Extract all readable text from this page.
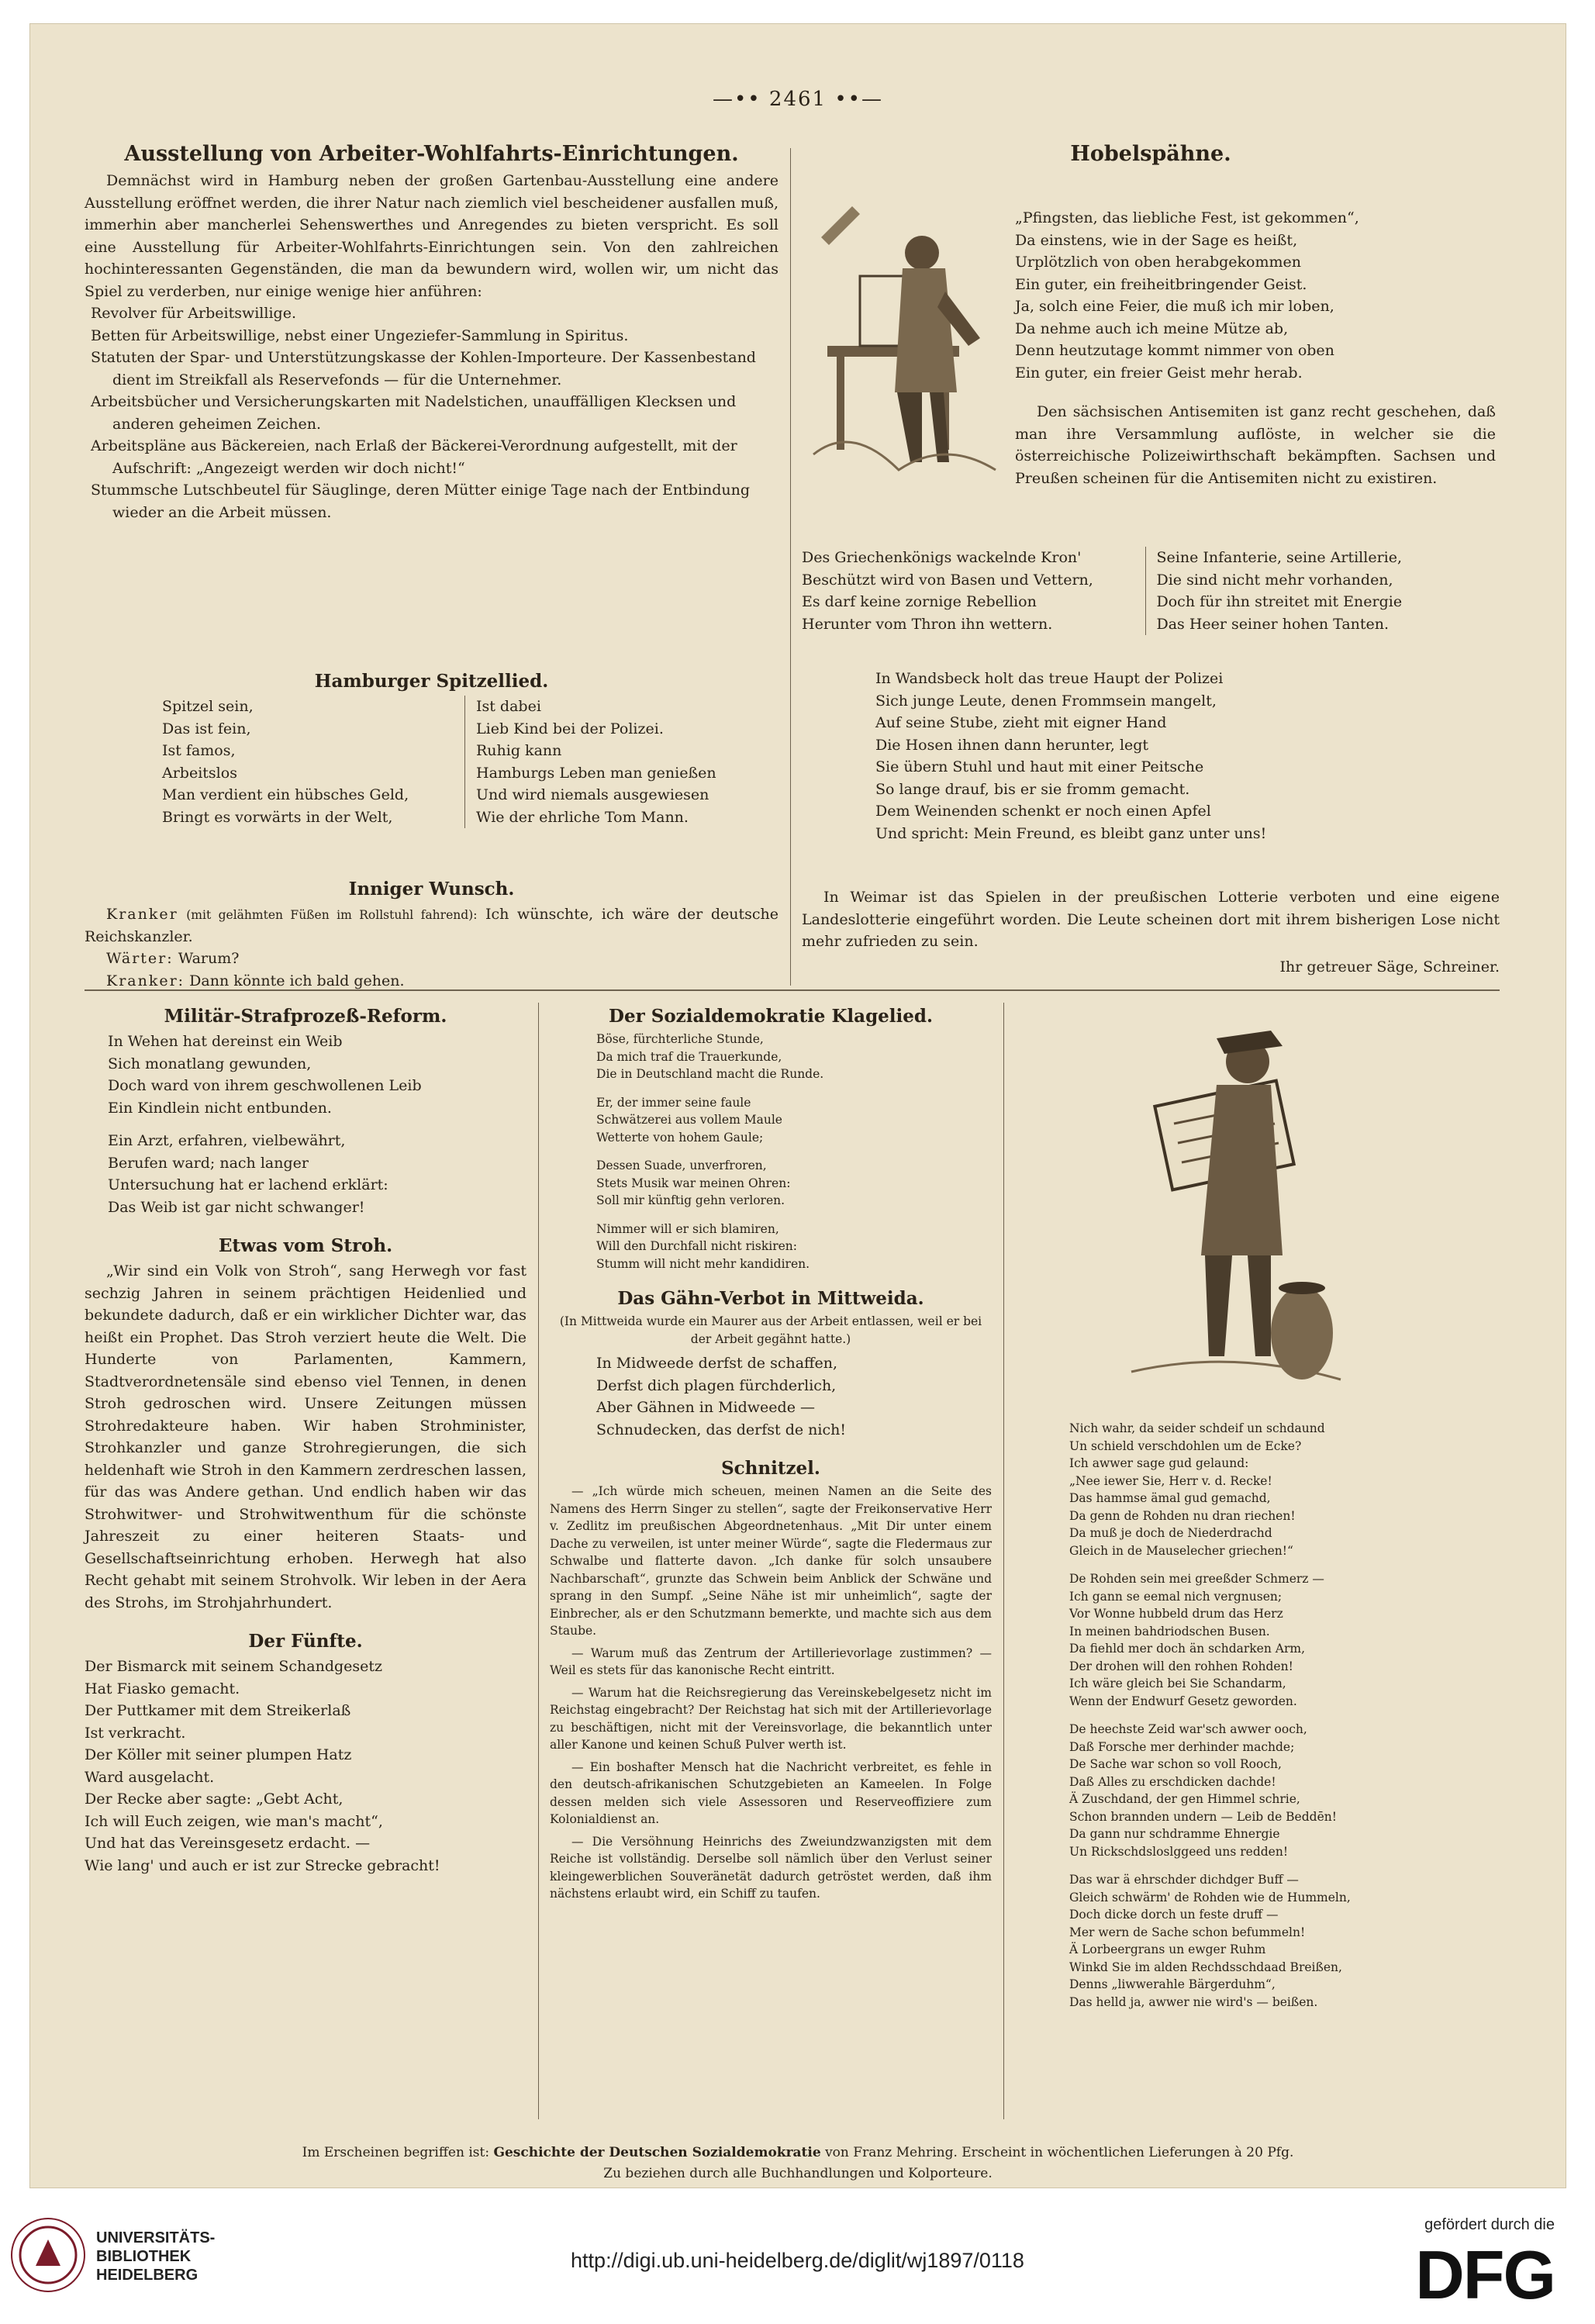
—•• 2461 ••—

Ausstellung von Arbeiter-Wohlfahrts-Einrichtungen.

Demnächst wird in Hamburg neben der großen Gartenbau-Ausstellung eine andere Ausstellung eröffnet werden, die ihrer Natur nach ziemlich viel bescheidener ausfallen muß, immerhin aber mancherlei Sehenswerthes und Anregendes zu bieten verspricht. Es soll eine Ausstellung für Arbeiter-Wohlfahrts-Einrichtungen sein. Von den zahlreichen hochinteressanten Gegenständen, die man da bewundern wird, wollen wir, um nicht das Spiel zu verderben, nur einige wenige hier anführen:

Revolver für Arbeitswillige.

Betten für Arbeitswillige, nebst einer Ungeziefer-Sammlung in Spiritus.

Statuten der Spar- und Unterstützungskasse der Kohlen-Importeure. Der Kassenbestand dient im Streikfall als Reservefonds — für die Unternehmer.

Arbeitsbücher und Versicherungskarten mit Nadelstichen, unauffälligen Klecksen und anderen geheimen Zeichen.

Arbeitspläne aus Bäckereien, nach Erlaß der Bäckerei-Verordnung aufgestellt, mit der Aufschrift: „Angezeigt werden wir doch nicht!“

Stummsche Lutschbeutel für Säuglinge, deren Mütter einige Tage nach der Entbindung wieder an die Arbeit müssen.

Hamburger Spitzellied.

Spitzel sein,

Das ist fein,

Ist famos,

Arbeitslos

Man verdient ein hübsches Geld,

Bringt es vorwärts in der Welt,

Ist dabei

Lieb Kind bei der Polizei.

Ruhig kann

Hamburgs Leben man genießen

Und wird niemals ausgewiesen

Wie der ehrliche Tom Mann.

Inniger Wunsch.

Kranker (mit gelähmten Füßen im Rollstuhl fahrend): Ich wünschte, ich wäre der deutsche Reichskanzler.

Wärter: Warum?

Kranker: Dann könnte ich bald gehen.

Hobelspähne.

„Pfingsten, das liebliche Fest, ist gekommen“,

Da einstens, wie in der Sage es heißt,

Urplötzlich von oben herabgekommen

Ein guter, ein freiheitbringender Geist.

Ja, solch eine Feier, die muß ich mir loben,

Da nehme auch ich meine Mütze ab,

Denn heutzutage kommt nimmer von oben

Ein guter, ein freier Geist mehr herab.

Den sächsischen Antisemiten ist ganz recht geschehen, daß man ihre Versammlung auflöste, in welcher sie die österreichische Polizeiwirthschaft bekämpften. Sachsen und Preußen scheinen für die Antisemiten nicht zu existiren.

Des Griechenkönigs wackelnde Kron'

Beschützt wird von Basen und Vettern,

Es darf keine zornige Rebellion

Herunter vom Thron ihn wettern.

Seine Infanterie, seine Artillerie,

Die sind nicht mehr vorhanden,

Doch für ihn streitet mit Energie

Das Heer seiner hohen Tanten.

In Wandsbeck holt das treue Haupt der Polizei

Sich junge Leute, denen Frommsein mangelt,

Auf seine Stube, zieht mit eigner Hand

Die Hosen ihnen dann herunter, legt

Sie übern Stuhl und haut mit einer Peitsche

So lange drauf, bis er sie fromm gemacht.

Dem Weinenden schenkt er noch einen Apfel

Und spricht: Mein Freund, es bleibt ganz unter uns!

In Weimar ist das Spielen in der preußischen Lotterie verboten und eine eigene Landeslotterie eingeführt worden. Die Leute scheinen dort mit ihrem bisherigen Lose nicht mehr zufrieden zu sein.

Ihr getreuer Säge, Schreiner.

Militär-Strafprozeß-Reform.

In Wehen hat dereinst ein Weib

Sich monatlang gewunden,

Doch ward von ihrem geschwollenen Leib

Ein Kindlein nicht entbunden.

Ein Arzt, erfahren, vielbewährt,

Berufen ward; nach langer

Untersuchung hat er lachend erklärt:

Das Weib ist gar nicht schwanger!

Etwas vom Stroh.

„Wir sind ein Volk von Stroh“, sang Herwegh vor fast sechzig Jahren in seinem prächtigen Heidenlied und bekundete dadurch, daß er ein wirklicher Dichter war, das heißt ein Prophet. Das Stroh verziert heute die Welt. Die Hunderte von Parlamenten, Kammern, Stadtverordnetensäle sind ebenso viel Tennen, in denen Stroh gedroschen wird. Unsere Zeitungen müssen Strohredakteure haben. Wir haben Strohminister, Strohkanzler und ganze Strohregierungen, die sich heldenhaft wie Stroh in den Kammern zerdreschen lassen, für das was Andere gethan. Und endlich haben wir das Strohwitwer- und Strohwitwenthum für die schönste Jahreszeit zu einer heiteren Staats- und Gesellschaftseinrichtung erhoben. Herwegh hat also Recht gehabt mit seinem Strohvolk. Wir leben in der Aera des Strohs, im Strohjahrhundert.

Der Fünfte.

Der Bismarck mit seinem Schandgesetz

Hat Fiasko gemacht.

Der Puttkamer mit dem Streikerlaß

Ist verkracht.

Der Köller mit seiner plumpen Hatz

Ward ausgelacht.

Der Recke aber sagte: „Gebt Acht,

Ich will Euch zeigen, wie man's macht“,

Und hat das Vereinsgesetz erdacht. —

Wie lang' und auch er ist zur Strecke gebracht!

Der Sozialdemokratie Klagelied.

Böse, fürchterliche Stunde,

Da mich traf die Trauerkunde,

Die in Deutschland macht die Runde.

Er, der immer seine faule

Schwätzerei aus vollem Maule

Wetterte von hohem Gaule;

Dessen Suade, unverfroren,

Stets Musik war meinen Ohren:

Soll mir künftig gehn verloren.

Nimmer will er sich blamiren,

Will den Durchfall nicht riskiren:

Stumm will nicht mehr kandidiren.

Das Gähn-Verbot in Mittweida.

(In Mittweida wurde ein Maurer aus der Arbeit entlassen, weil er bei der Arbeit gegähnt hatte.)

In Midweede derfst de schaffen,

Derfst dich plagen fürchderlich,

Aber Gähnen in Midweede —

Schnudecken, das derfst de nich!

Schnitzel.

— „Ich würde mich scheuen, meinen Namen an die Seite des Namens des Herrn Singer zu stellen“, sagte der Freikonservative Herr v. Zedlitz im preußischen Abgeordnetenhaus. „Mit Dir unter einem Dache zu verweilen, ist unter meiner Würde“, sagte die Fledermaus zur Schwalbe und flatterte davon. „Ich danke für solch unsaubere Nachbarschaft“, grunzte das Schwein beim Anblick der Schwäne und sprang in den Sumpf. „Seine Nähe ist mir unheimlich“, sagte der Einbrecher, als er den Schutzmann bemerkte, und machte sich aus dem Staube.

— Warum muß das Zentrum der Artillerievorlage zustimmen? — Weil es stets für das kanonische Recht eintritt.

— Warum hat die Reichsregierung das Vereinskebelgesetz nicht im Reichstag eingebracht? Der Reichstag hat sich mit der Artillerievorlage zu beschäftigen, nicht mit der Vereinsvorlage, die bekanntlich unter aller Kanone und keinen Schuß Pulver werth ist.

— Ein boshafter Mensch hat die Nachricht verbreitet, es fehle in den deutsch-afrikanischen Schutzgebieten an Kameelen. In Folge dessen melden sich viele Assessoren und Reserveoffiziere zum Kolonialdienst an.

— Die Versöhnung Heinrichs des Zweiundzwanzigsten mit dem Reiche ist vollständig. Derselbe soll nämlich über den Verlust seiner kleingewerblichen Souveränetät dadurch getröstet werden, daß ihm nächstens erlaubt wird, ein Schiff zu taufen.

Nich wahr, da seider schdeif un schdaund

Un schield verschdohlen um de Ecke?

Ich awwer sage gud gelaund:

„Nee iewer Sie, Herr v. d. Recke!

Das hammse ämal gud gemachd,

Da genn de Rohden nu dran riechen!

Da muß je doch de Niederdrachd

Gleich in de Mauselecher griechen!“

De Rohden sein mei greeßder Schmerz —

Ich gann se eemal nich vergnusen;

Vor Wonne hubbeld drum das Herz

In meinen bahdriodschen Busen.

Da fiehld mer doch än schdarken Arm,

Der drohen will den rohhen Rohden!

Ich wäre gleich bei Sie Schandarm,

Wenn der Endwurf Gesetz geworden.

De heechste Zeid war'sch awwer ooch,

Daß Forsche mer derhinder machde;

De Sache war schon so voll Rooch,

Daß Alles zu erschdicken dachde!

Ä Zuschdand, der gen Himmel schrie,

Schon brannden undern — Leib de Beddēn!

Da gann nur schdramme Ehnergie

Un Rickschdsloslggeed uns redden!

Das war ä ehrschder dichdger Buff —

Gleich schwärm' de Rohden wie de Hummeln,

Doch dicke dorch un feste druff —

Mer wern de Sache schon befummeln!

Ä Lorbeergrans un ewger Ruhm

Winkd Sie im alden Rechdsschdaad Breißen,

Denns „liwwerahle Bärgerduhm“,

Das helld ja, awwer nie wird's — beißen.

Im Erscheinen begriffen ist: Geschichte der Deutschen Sozialdemokratie von Franz Mehring. Erscheint in wöchentlichen Lieferungen à 20 Pfg.

Zu beziehen durch alle Buchhandlungen und Kolporteure.

UNIVERSITÄTS-
BIBLIOTHEK
HEIDELBERG
http://digi.ub.uni-heidelberg.de/diglit/wj1897/0118
gefördert durch die
DFG
